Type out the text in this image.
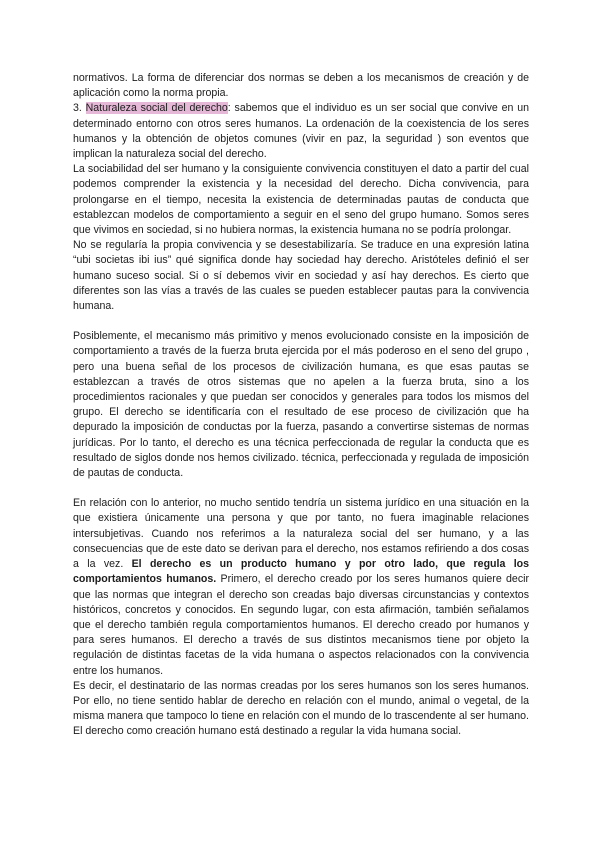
normativos. La forma de diferenciar dos normas se deben a los mecanismos de creación y de aplicación como la norma propia.

3. Naturaleza social del derecho: sabemos que el individuo es un ser social que convive en un determinado entorno con otros seres humanos. La ordenación de la coexistencia de los seres humanos y la obtención de objetos comunes (vivir en paz, la seguridad ) son eventos que implican la naturaleza social del derecho.

La sociabilidad del ser humano y la consiguiente convivencia constituyen el dato a partir del cual podemos comprender la existencia y la necesidad del derecho. Dicha convivencia, para prolongarse en el tiempo, necesita la existencia de determinadas pautas de conducta que establezcan modelos de comportamiento a seguir en el seno del grupo humano. Somos seres que vivimos en sociedad, si no hubiera normas, la existencia humana no se podría prolongar.

No se regularía la propia convivencia y se desestabilizaría. Se traduce en una expresión latina “ubi societas ibi ius” qué significa donde hay sociedad hay derecho. Aristóteles definió el ser humano suceso social. Si o sí debemos vivir en sociedad y así hay derechos. Es cierto que diferentes son las vías a través de las cuales se pueden establecer pautas para la convivencia humana.

Posiblemente, el mecanismo más primitivo y menos evolucionado consiste en la imposición de comportamiento a través de la fuerza bruta ejercida por el más poderoso en el seno del grupo , pero una buena señal de los procesos de civilización humana, es que esas pautas se establezcan a través de otros sistemas que no apelen a la fuerza bruta, sino a los procedimientos racionales y que puedan ser conocidos y generales para todos los mismos del grupo. El derecho se identificaría con el resultado de ese proceso de civilización que ha depurado la imposición de conductas por la fuerza, pasando a convertirse sistemas de normas jurídicas. Por lo tanto, el derecho es una técnica perfeccionada de regular la conducta que es resultado de siglos donde nos hemos civilizado. técnica, perfeccionada y regulada de imposición de pautas de conducta.

En relación con lo anterior, no mucho sentido tendría un sistema jurídico en una situación en la que existiera únicamente una persona y que por tanto, no fuera imaginable relaciones intersubjetivas. Cuando nos referimos a la naturaleza social del ser humano, y a las consecuencias que de este dato se derivan para el derecho, nos estamos refiriendo a dos cosas a la vez. El derecho es un producto humano y por otro lado, que regula los comportamientos humanos. Primero, el derecho creado por los seres humanos quiere decir que las normas que integran el derecho son creadas bajo diversas circunstancias y contextos históricos, concretos y conocidos. En segundo lugar, con esta afirmación, también señalamos que el derecho también regula comportamientos humanos. El derecho creado por humanos y para seres humanos. El derecho a través de sus distintos mecanismos tiene por objeto la regulación de distintas facetas de la vida humana o aspectos relacionados con la convivencia entre los humanos.

Es decir, el destinatario de las normas creadas por los seres humanos son los seres humanos. Por ello, no tiene sentido hablar de derecho en relación con el mundo, animal o vegetal, de la misma manera que tampoco lo tiene en relación con el mundo de lo trascendente al ser humano. El derecho como creación humano está destinado a regular la vida humana social.
